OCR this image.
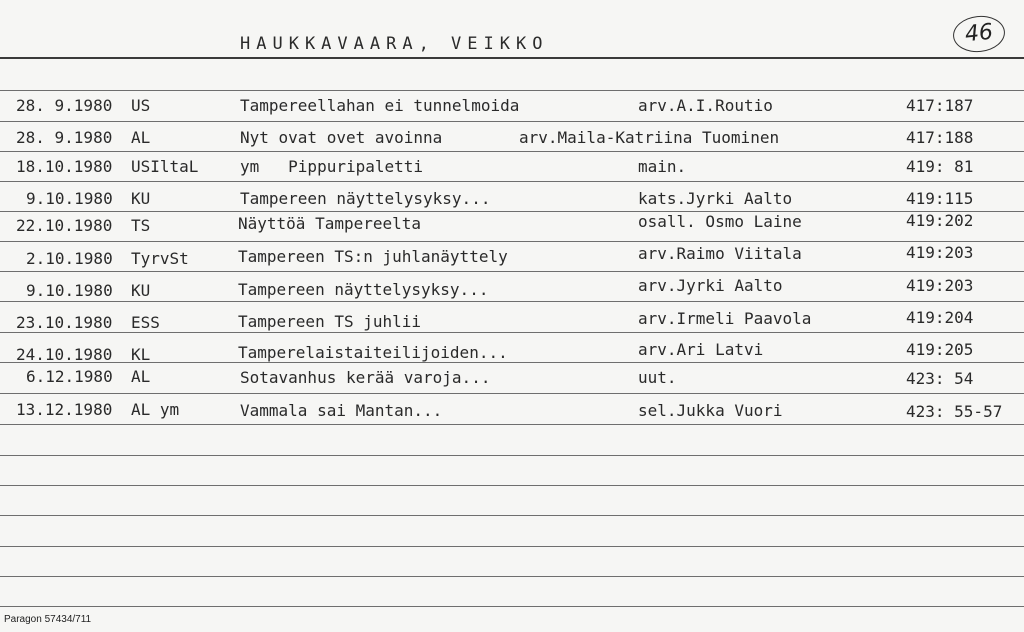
HAUKKAVAARA, VEIKKO	46
28. 9.1980 US	Tampereellahan ei tunnelmoida	arv.A.I.Routio	417:187
28. 9.1980 AL	Nyt ovat ovet avoinna	arv.Maila-Katriina Tuominen	417:188
18.10.1980 USIltaL	ym   Pippuripaletti	main.	419: 81
9.10.1980 KU	Tampereen näyttelysyksy...	kats.Jyrki Aalto	419:115
22.10.1980 TS	Näyttöä Tampereelta	osall. Osmo Laine	419:202
2.10.1980 TyrvSt	Tampereen TS:n juhlanäyttely	arv.Raimo Viitala	419:203
9.10.1980 KU	Tampereen näyttelysyksy...	arv.Jyrki Aalto	419:203
23.10.1980 ESS	Tampereen TS juhlii	arv.Irmeli Paavola	419:204
24.10.1980 KL	Tamperelaistaiteilijoiden...	arv.Ari Latvi	419:205
6.12.1980 AL	Sotavanhus kerää varoja...	uut.	423: 54
13.12.1980 AL ym	Vammala sai Mantan...	sel.Jukka Vuori	423: 55-57
Paragon 57434/711
